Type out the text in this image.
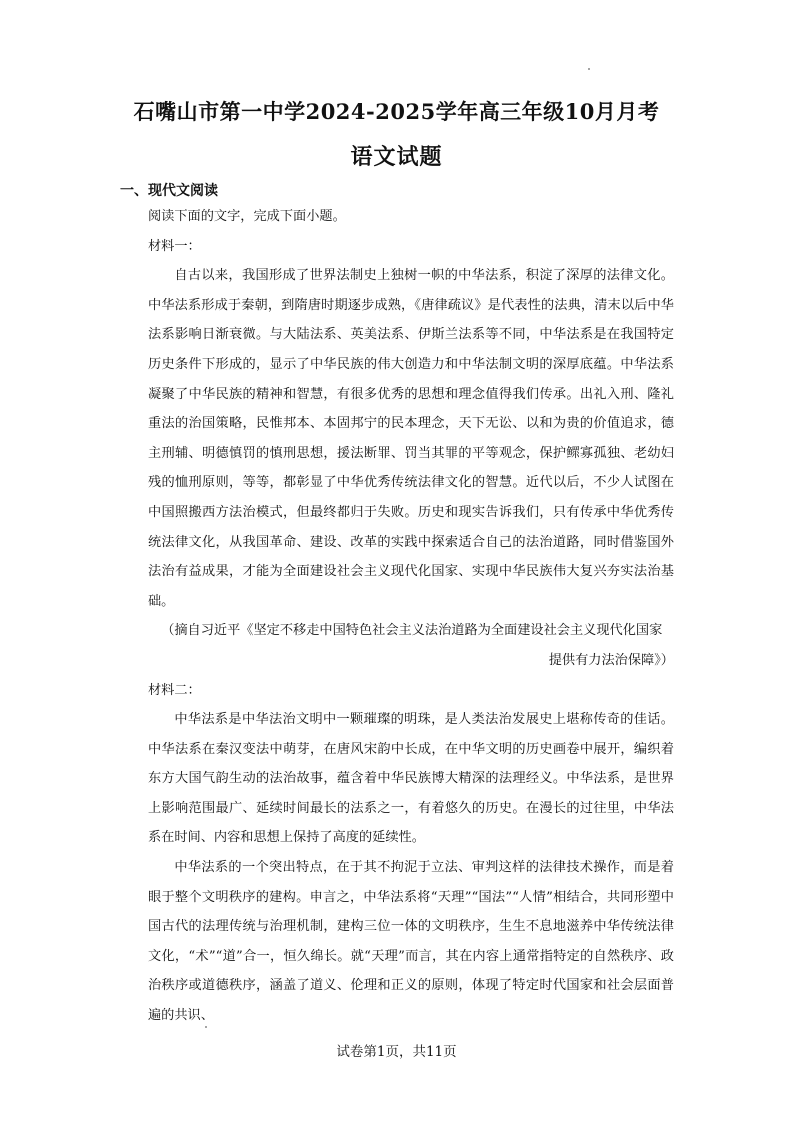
石嘴山市第一中学2024-2025学年高三年级10月月考
语文试题
一、现代文阅读

阅读下面的文字，完成下面小题。

材料一：

自古以来，我国形成了世界法制史上独树一帜的中华法系，积淀了深厚的法律文化。中华法系形成于秦朝，到隋唐时期逐步成熟，《唐律疏议》是代表性的法典，清末以后中华法系影响日渐衰微。与大陆法系、英美法系、伊斯兰法系等不同，中华法系是在我国特定历史条件下形成的，显示了中华民族的伟大创造力和中华法制文明的深厚底蕴。中华法系凝聚了中华民族的精神和智慧，有很多优秀的思想和理念值得我们传承。出礼入刑、隆礼重法的治国策略，民惟邦本、本固邦宁的民本理念，天下无讼、以和为贵的价值追求，德主刑辅、明德慎罚的慎刑思想，援法断罪、罚当其罪的平等观念，保护鳏寡孤独、老幼妇残的恤刑原则，等等，都彰显了中华优秀传统法律文化的智慧。近代以后，不少人试图在中国照搬西方法治模式，但最终都归于失败。历史和现实告诉我们，只有传承中华优秀传统法律文化，从我国革命、建设、改革的实践中探索适合自己的法治道路，同时借鉴国外法治有益成果，才能为全面建设社会主义现代化国家、实现中华民族伟大复兴夯实法治基础。

（摘自习近平《坚定不移走中国特色社会主义法治道路为全面建设社会主义现代化国家

提供有力法治保障》）

材料二：

中华法系是中华法治文明中一颗璀璨的明珠，是人类法治发展史上堪称传奇的佳话。中华法系在秦汉变法中萌芽，在唐风宋韵中长成，在中华文明的历史画卷中展开，编织着东方大国气韵生动的法治故事，蕴含着中华民族博大精深的法理经义。中华法系，是世界上影响范围最广、延续时间最长的法系之一，有着悠久的历史。在漫长的过往里，中华法系在时间、内容和思想上保持了高度的延续性。

中华法系的一个突出特点，在于其不拘泥于立法、审判这样的法律技术操作，而是着眼于整个文明秩序的建构。申言之，中华法系将“天理”“国法”“人情”相结合，共同形塑中国古代的法理传统与治理机制，建构三位一体的文明秩序，生生不息地滋养中华传统法律文化，“术”“道”合一，恒久绵长。就“天理”而言，其在内容上通常指特定的自然秩序、政治秩序或道德秩序，涵盖了道义、伦理和正义的原则，体现了特定时代国家和社会层面普遍的共识、

试卷第1页，共11页
